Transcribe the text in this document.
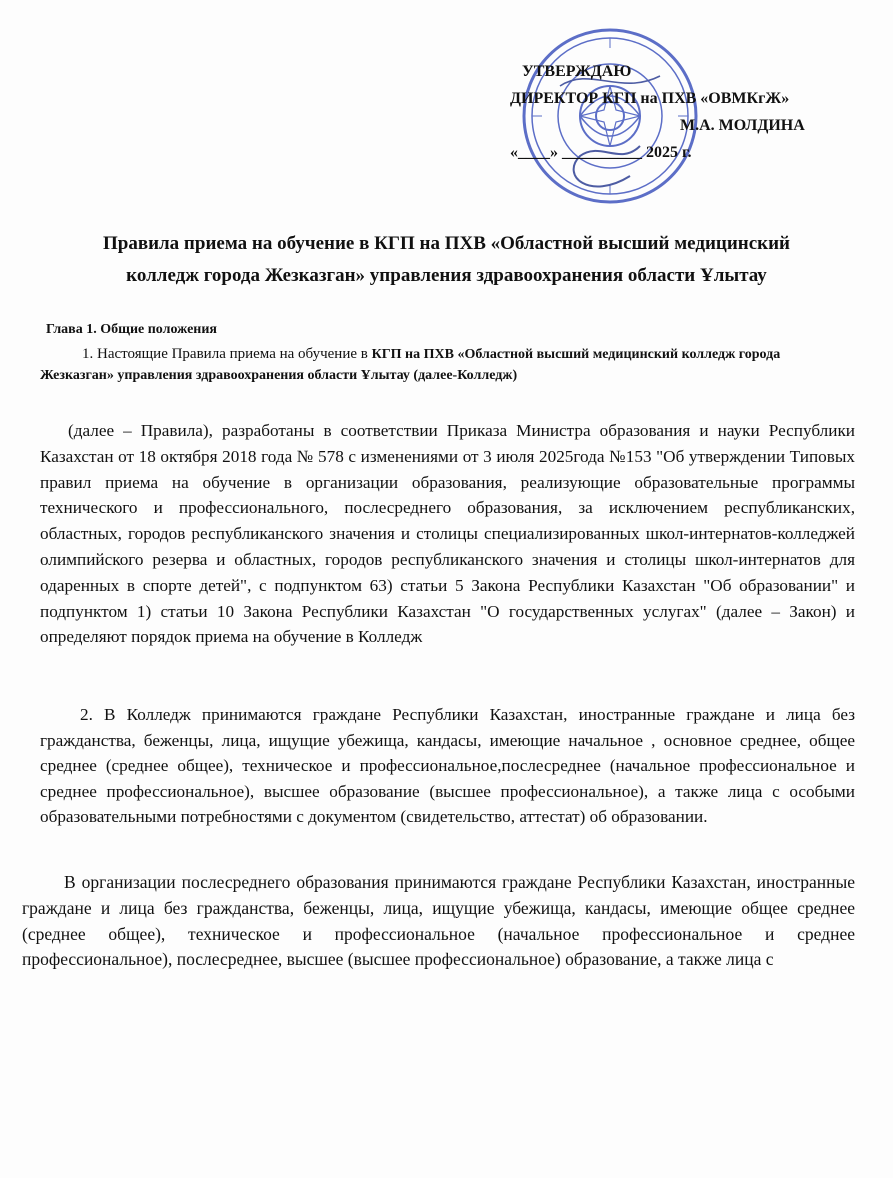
УТВЕРЖДАЮ
ДИРЕКТОР КГП на ПХВ «ОВМКгЖ»
М.А. МОЛДИНА
«____» __________ 2025 г.
Правила приема на обучение в КГП на ПХВ «Областной высший медицинский
колледж города Жезказган» управления здравоохранения области Ұлытау
Глава 1. Общие положения
1. Настоящие Правила приема на обучение в КГП на ПХВ «Областной высший медицинский колледж города Жезказган» управления здравоохранения области Ұлытау (далее-Колледж)
(далее – Правила), разработаны в соответствии Приказа Министра образования и науки Республики Казахстан от 18 октября 2018 года № 578 с изменениями от 3 июля 2025года №153 "Об утверждении Типовых правил приема на обучение в организации образования, реализующие образовательные программы технического и профессионального, послесреднего образования, за исключением республиканских, областных, городов республиканского значения и столицы специализированных школ-интернатов-колледжей олимпийского резерва и областных, городов республиканского значения и столицы школ-интернатов для одаренных в спорте детей", с подпунктом 63) статьи 5 Закона Республики Казахстан "Об образовании" и подпунктом 1) статьи 10 Закона Республики Казахстан "О государственных услугах" (далее – Закон) и определяют порядок приема на обучение в Колледж
2. В Колледж принимаются граждане Республики Казахстан, иностранные граждане и лица без гражданства, беженцы, лица, ищущие убежища, кандасы, имеющие начальное , основное среднее, общее среднее (среднее общее), техническое и профессиональное,послесреднее (начальное профессиональное и среднее профессиональное), высшее образование (высшее профессиональное), а также лица с особыми образовательными потребностями с документом (свидетельство, аттестат) об образовании.
В организации послесреднего образования принимаются граждане Республики Казахстан, иностранные граждане и лица без гражданства, беженцы, лица, ищущие убежища, кандасы, имеющие общее среднее (среднее общее), техническое и профессиональное (начальное профессиональное и среднее профессиональное), послесреднее, высшее (высшее профессиональное) образование, а также лица с
